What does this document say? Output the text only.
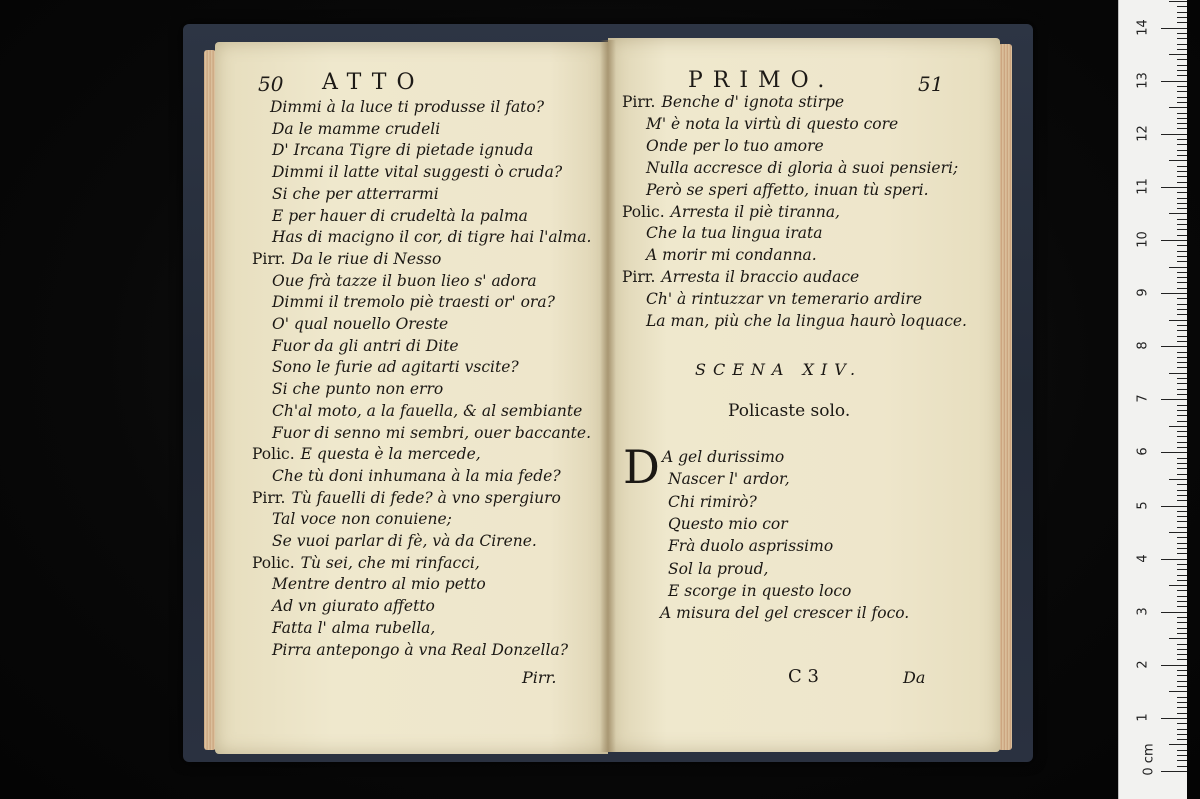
50 ATTO
Dimmi à la luce ti produsse il fato?
Da le mamme crudeli
D' Ircana Tigre di pietade ignuda
Dimmi il latte vital suggesti ò cruda?
Si che per atterrarmi
E per hauer di crudeltà la palma
Has di macigno il cor, di tigre hai l'alma.
Pirr. Da le riue di Nesso
Oue frà tazze il buon lieo s' adora
Dimmi il tremolo piè traesti or' ora?
O' qual nouello Oreste
Fuor da gli antri di Dite
Sono le furie ad agitarti vscite?
Si che punto non erro
Ch'al moto, a la fauella, & al sembiante
Fuor di senno mi sembri, ouer baccante.
Polic. E questa è la mercede,
Che tù doni inhumana à la mia fede?
Pirr. Tù fauelli di fede? à vno spergiuro
Tal voce non conuiene;
Se vuoi parlar di fè, và da Cirene.
Polic. Tù sei, che mi rinfacci,
Mentre dentro al mio petto
Ad vn giurato affetto
Fatta l' alma rubella,
Pirra antepongo à vna Real Donzella?
Pirr.
PRIMO.	51
Pirr. Benche d' ignota stirpe
M' è nota la virtù di questo core
Onde per lo tuo amore
Nulla accresce di gloria à suoi pensieri;
Però se speri affetto, inuan tù speri.
Polic. Arresta il piè tiranna,
Che la tua lingua irata
A morir mi condanna.
Pirr. Arresta il braccio audace
Ch' à rintuzzar vn temerario ardire
La man, più che la lingua haurò loquace.
SCENA XIV.
Policaste solo.
D A gel durissimo
Nascer l' ardor,
Chi rimirò?
Questo mio cor
Frà duolo asprissimo
Sol la proud,
E scorge in questo loco
A misura del gel crescer il foco.
C 3	Da
1
2
3
4
5
6
7
8
9
10
11
12
13
14
0 cm
